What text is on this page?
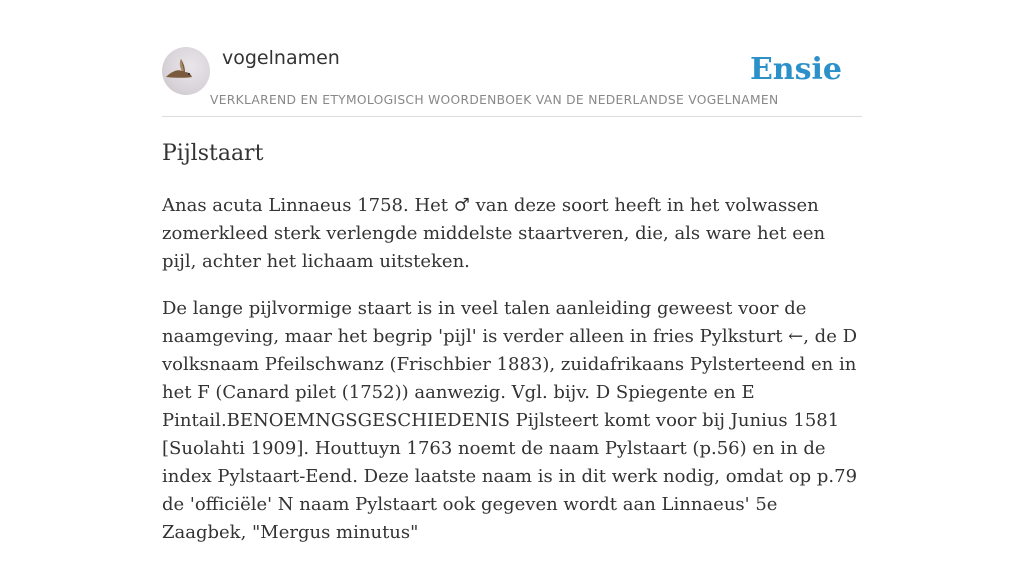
vogelnamen
VERKLAREND EN ETYMOLOGISCH WOORDENBOEK VAN DE NEDERLANDSE VOGELNAMEN
Ensie
Pijlstaart

Anas acuta Linnaeus 1758. Het ♂ van deze soort heeft in het volwassen zomerkleed sterk verlengde middelste staartveren, die, als ware het een pijl, achter het lichaam uitsteken.

De lange pijlvormige staart is in veel talen aanleiding geweest voor de naamgeving, maar het begrip 'pijl' is verder alleen in fries Pylksturt ←, de D volksnaam Pfeilschwanz (Frischbier 1883), zuidafrikaans Pylsterteend en in het F (Canard pilet (1752)) aanwezig. Vgl. bijv. D Spiegente en E Pintail.BENOEMNGSGESCHIEDENIS Pijlsteert komt voor bij Junius 1581 [Suolahti 1909]. Houttuyn 1763 noemt de naam Pylstaart (p.56) en in de index Pylstaart-Eend. Deze laatste naam is in dit werk nodig, omdat op p.79 de 'officiële' N naam Pylstaart ook gegeven wordt aan Linnaeus' 5e Zaagbek, "Mergus minutus"
